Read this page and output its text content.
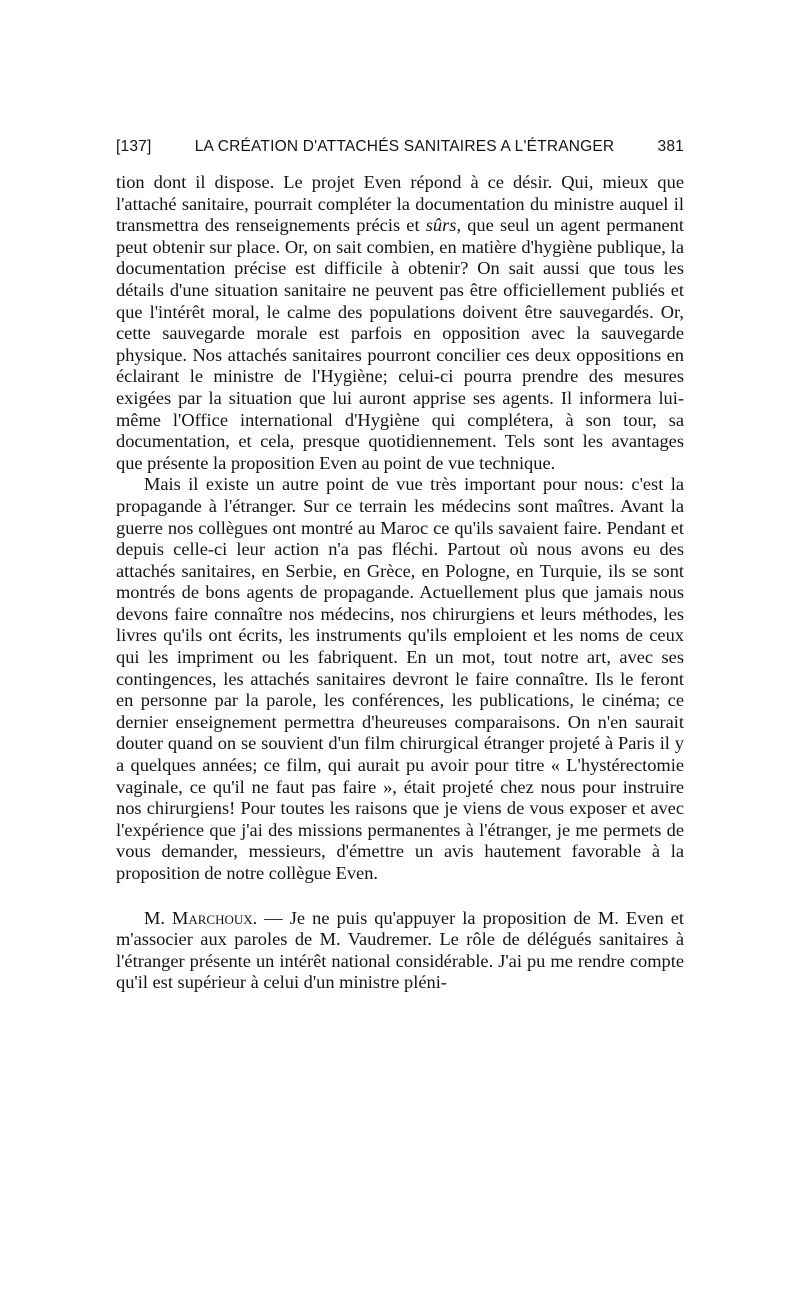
[137]	LA CRÉATION D'ATTACHÉS SANITAIRES A L'ÉTRANGER	381

tion dont il dispose. Le projet Even répond à ce désir. Qui, mieux que l'attaché sanitaire, pourrait compléter la documentation du ministre auquel il transmettra des renseignements précis et sûrs, que seul un agent permanent peut obtenir sur place. Or, on sait combien, en matière d'hygiène publique, la documentation précise est difficile à obtenir? On sait aussi que tous les détails d'une situation sanitaire ne peuvent pas être officiellement publiés et que l'intérêt moral, le calme des populations doivent être sauvegardés. Or, cette sauvegarde morale est parfois en opposition avec la sauvegarde physique. Nos attachés sanitaires pourront concilier ces deux oppositions en éclairant le ministre de l'Hygiène; celui-ci pourra prendre des mesures exigées par la situation que lui auront apprise ses agents. Il informera lui-même l'Office international d'Hygiène qui complétera, à son tour, sa documentation, et cela, presque quotidiennement. Tels sont les avantages que présente la proposition Even au point de vue technique.

Mais il existe un autre point de vue très important pour nous: c'est la propagande à l'étranger. Sur ce terrain les médecins sont maîtres. Avant la guerre nos collègues ont montré au Maroc ce qu'ils savaient faire. Pendant et depuis celle-ci leur action n'a pas fléchi. Partout où nous avons eu des attachés sanitaires, en Serbie, en Grèce, en Pologne, en Turquie, ils se sont montrés de bons agents de propagande. Actuellement plus que jamais nous devons faire connaître nos médecins, nos chirurgiens et leurs méthodes, les livres qu'ils ont écrits, les instruments qu'ils emploient et les noms de ceux qui les impriment ou les fabriquent. En un mot, tout notre art, avec ses contingences, les attachés sanitaires devront le faire connaître. Ils le feront en personne par la parole, les conférences, les publications, le cinéma; ce dernier enseignement permettra d'heureuses comparaisons. On n'en saurait douter quand on se souvient d'un film chirurgical étranger projeté à Paris il y a quelques années; ce film, qui aurait pu avoir pour titre « L'hystérectomie vaginale, ce qu'il ne faut pas faire », était projeté chez nous pour instruire nos chirurgiens! Pour toutes les raisons que je viens de vous exposer et avec l'expérience que j'ai des missions permanentes à l'étranger, je me permets de vous demander, messieurs, d'émettre un avis hautement favorable à la proposition de notre collègue Even.

M. Marchoux. — Je ne puis qu'appuyer la proposition de M. Even et m'associer aux paroles de M. Vaudremer. Le rôle de délégués sanitaires à l'étranger présente un intérêt national considérable. J'ai pu me rendre compte qu'il est supérieur à celui d'un ministre pléni-
